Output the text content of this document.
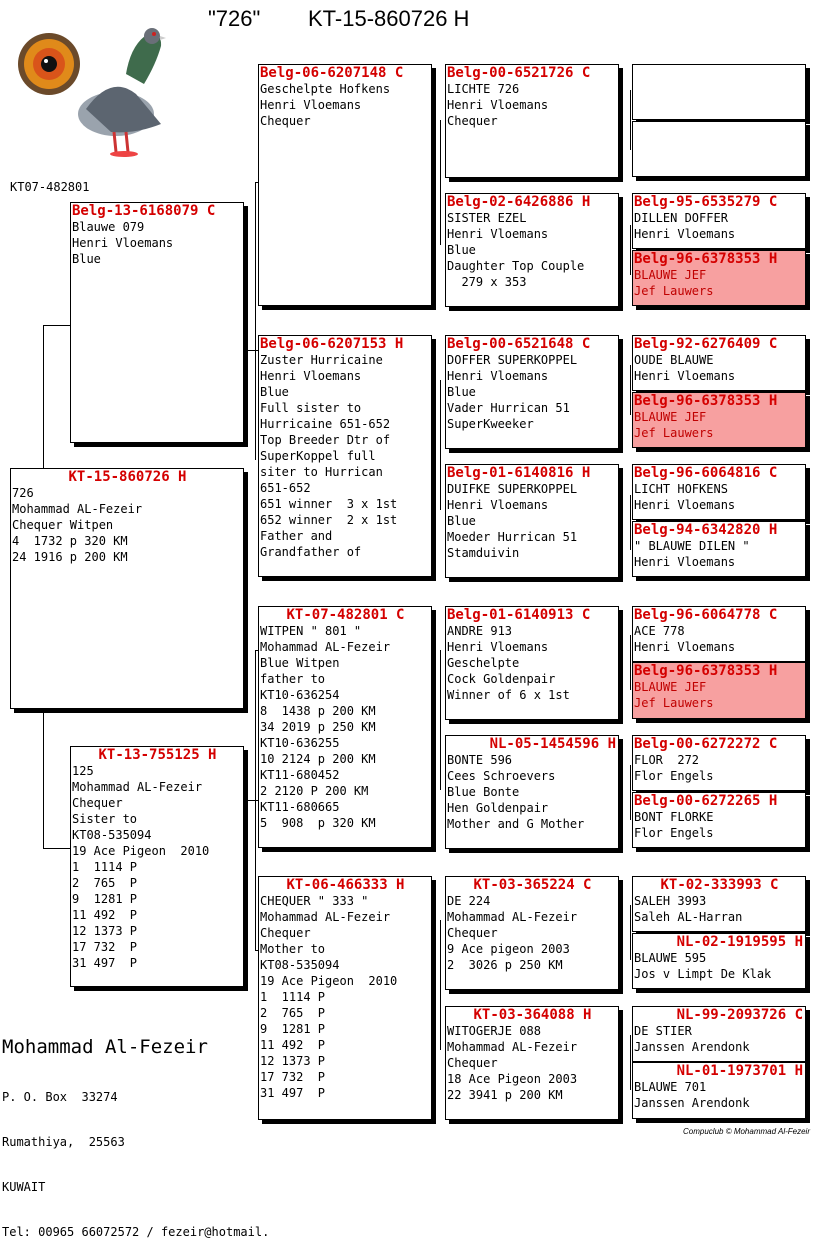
"726" KT-15-860726 H
KT07-482801
KT-15-860726 H
726
Mohammad AL-Fezeir
Chequer Witpen
4  1732 p 320 KM
24 1916 p 200 KM
Belg-13-6168079 C
Blauwe 079
Henri Vloemans
Blue
KT-13-755125 H
125
Mohammad AL-Fezeir
Chequer
Sister to
KT08-535094
19 Ace Pigeon  2010
1  1114 P
2  765  P
9  1281 P
11 492  P
12 1373 P
17 732  P
31 497  P
Belg-06-6207148 C
Geschelpte Hofkens
Henri Vloemans
Chequer
Belg-06-6207153 H
Zuster Hurricaine
Henri Vloemans
Blue
Full sister to
Hurricaine 651-652
Top Breeder Dtr of
SuperKoppel full
siter to Hurrican
651-652
651 winner  3 x 1st
652 winner  2 x 1st
Father and
Grandfather of
KT-07-482801 C
WITPEN " 801 "
Mohammad AL-Fezeir
Blue Witpen
father to
KT10-636254
8  1438 p 200 KM
34 2019 p 250 KM
KT10-636255
10 2124 p 200 KM
KT11-680452
2 2120 P 200 KM
KT11-680665
5  908  p 320 KM
KT-06-466333 H
CHEQUER " 333 "
Mohammad AL-Fezeir
Chequer
Mother to
KT08-535094
19 Ace Pigeon  2010
1  1114 P
2  765  P
9  1281 P
11 492  P
12 1373 P
17 732  P
31 497  P
Belg-00-6521726 C
LICHTE 726
Henri Vloemans
Chequer
Belg-02-6426886 H
SISTER EZEL
Henri Vloemans
Blue
Daughter Top Couple
279 x 353
Belg-00-6521648 C
DOFFER SUPERKOPPEL
Henri Vloemans
Blue
Vader Hurrican 51
SuperKweeker
Belg-01-6140816 H
DUIFKE SUPERKOPPEL
Henri Vloemans
Blue
Moeder Hurrican 51
Stamduivin
Belg-01-6140913 C
ANDRE 913
Henri Vloemans
Geschelpte
Cock Goldenpair
Winner of 6 x 1st
NL-05-1454596 H
BONTE 596
Cees Schroevers
Blue Bonte
Hen Goldenpair
Mother and G Mother
KT-03-365224 C
DE 224
Mohammad AL-Fezeir
Chequer
9 Ace pigeon 2003
2  3026 p 250 KM
KT-03-364088 H
WITOGERJE 088
Mohammad AL-Fezeir
Chequer
18 Ace Pigeon 2003
22 3941 p 200 KM
Belg-95-6535279 C
DILLEN DOFFER
Henri Vloemans
Belg-96-6378353 H
BLAUWE JEF
Jef Lauwers
Belg-92-6276409 C
OUDE BLAUWE
Henri Vloemans
Belg-96-6378353 H
BLAUWE JEF
Jef Lauwers
Belg-96-6064816 C
LICHT HOFKENS
Henri Vloemans
Belg-94-6342820 H
" BLAUWE DILEN "
Henri Vloemans
Belg-96-6064778 C
ACE 778
Henri Vloemans
Belg-96-6378353 H
BLAUWE JEF
Jef Lauwers
Belg-00-6272272 C
FLOR  272
Flor Engels
Belg-00-6272265 H
BONT FLORKE
Flor Engels
KT-02-333993 C
SALEH 3993
Saleh AL-Harran
NL-02-1919595 H
BLAUWE 595
Jos v Limpt De Klak
NL-99-2093726 C
DE STIER
Janssen Arendonk
NL-01-1973701 H
BLAUWE 701
Janssen Arendonk
Mohammad Al-Fezeir

P. O. Box  33274

Rumathiya,  25563

KUWAIT

Tel: 00965 66072572 / fezeir@hotmail.

Compuclub © Mohammad Al-Fezeir
